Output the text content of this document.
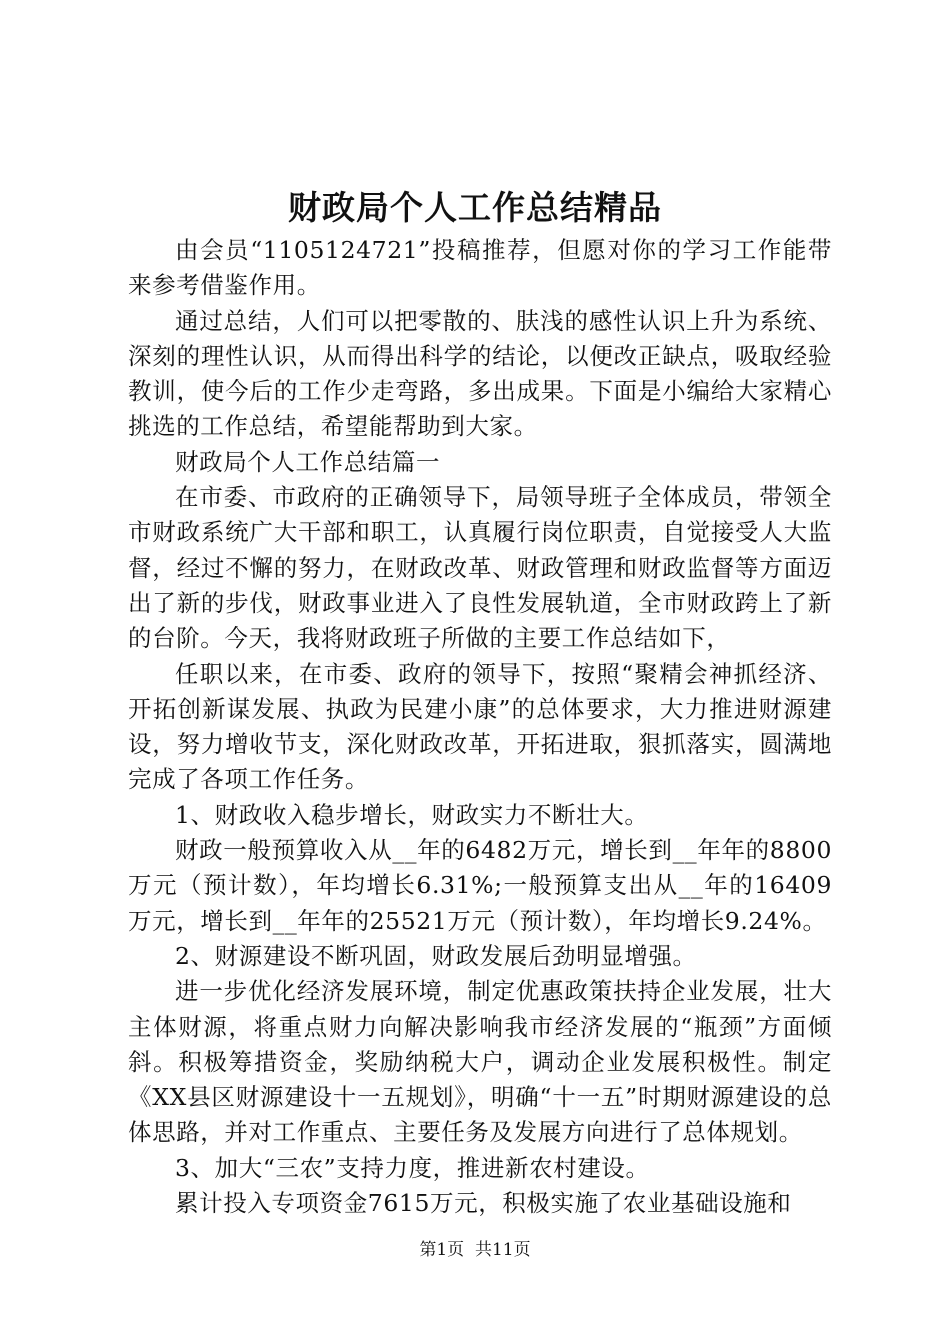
财政局个人工作总结精品

由会员“1105124721”投稿推荐，但愿对你的学习工作能带来参考借鉴作用。

通过总结，人们可以把零散的、肤浅的感性认识上升为系统、深刻的理性认识，从而得出科学的结论，以便改正缺点，吸取经验教训，使今后的工作少走弯路，多出成果。下面是小编给大家精心挑选的工作总结，希望能帮助到大家。

财政局个人工作总结篇一

在市委、市政府的正确领导下，局领导班子全体成员，带领全市财政系统广大干部和职工，认真履行岗位职责，自觉接受人大监督，经过不懈的努力，在财政改革、财政管理和财政监督等方面迈出了新的步伐，财政事业进入了良性发展轨道，全市财政跨上了新的台阶。今天，我将财政班子所做的主要工作总结如下，

任职以来，在市委、政府的领导下，按照“聚精会神抓经济、开拓创新谋发展、执政为民建小康”的总体要求，大力推进财源建设，努力增收节支，深化财政改革，开拓进取，狠抓落实，圆满地完成了各项工作任务。

1、财政收入稳步增长，财政实力不断壮大。

财政一般预算收入从__年的6482万元，增长到__年年的8800万元（预计数），年均增长6.31%;一般预算支出从__年的16409万元，增长到__年年的25521万元（预计数），年均增长9.24%。

2、财源建设不断巩固，财政发展后劲明显增强。

进一步优化经济发展环境，制定优惠政策扶持企业发展，壮大主体财源，将重点财力向解决影响我市经济发展的“瓶颈”方面倾斜。积极筹措资金，奖励纳税大户，调动企业发展积极性。制定《XX县区财源建设十一五规划》，明确“十一五”时期财源建设的总体思路，并对工作重点、主要任务及发展方向进行了总体规划。

3、加大“三农”支持力度，推进新农村建设。

累计投入专项资金7615万元，积极实施了农业基础设施和

第1页  共11页
